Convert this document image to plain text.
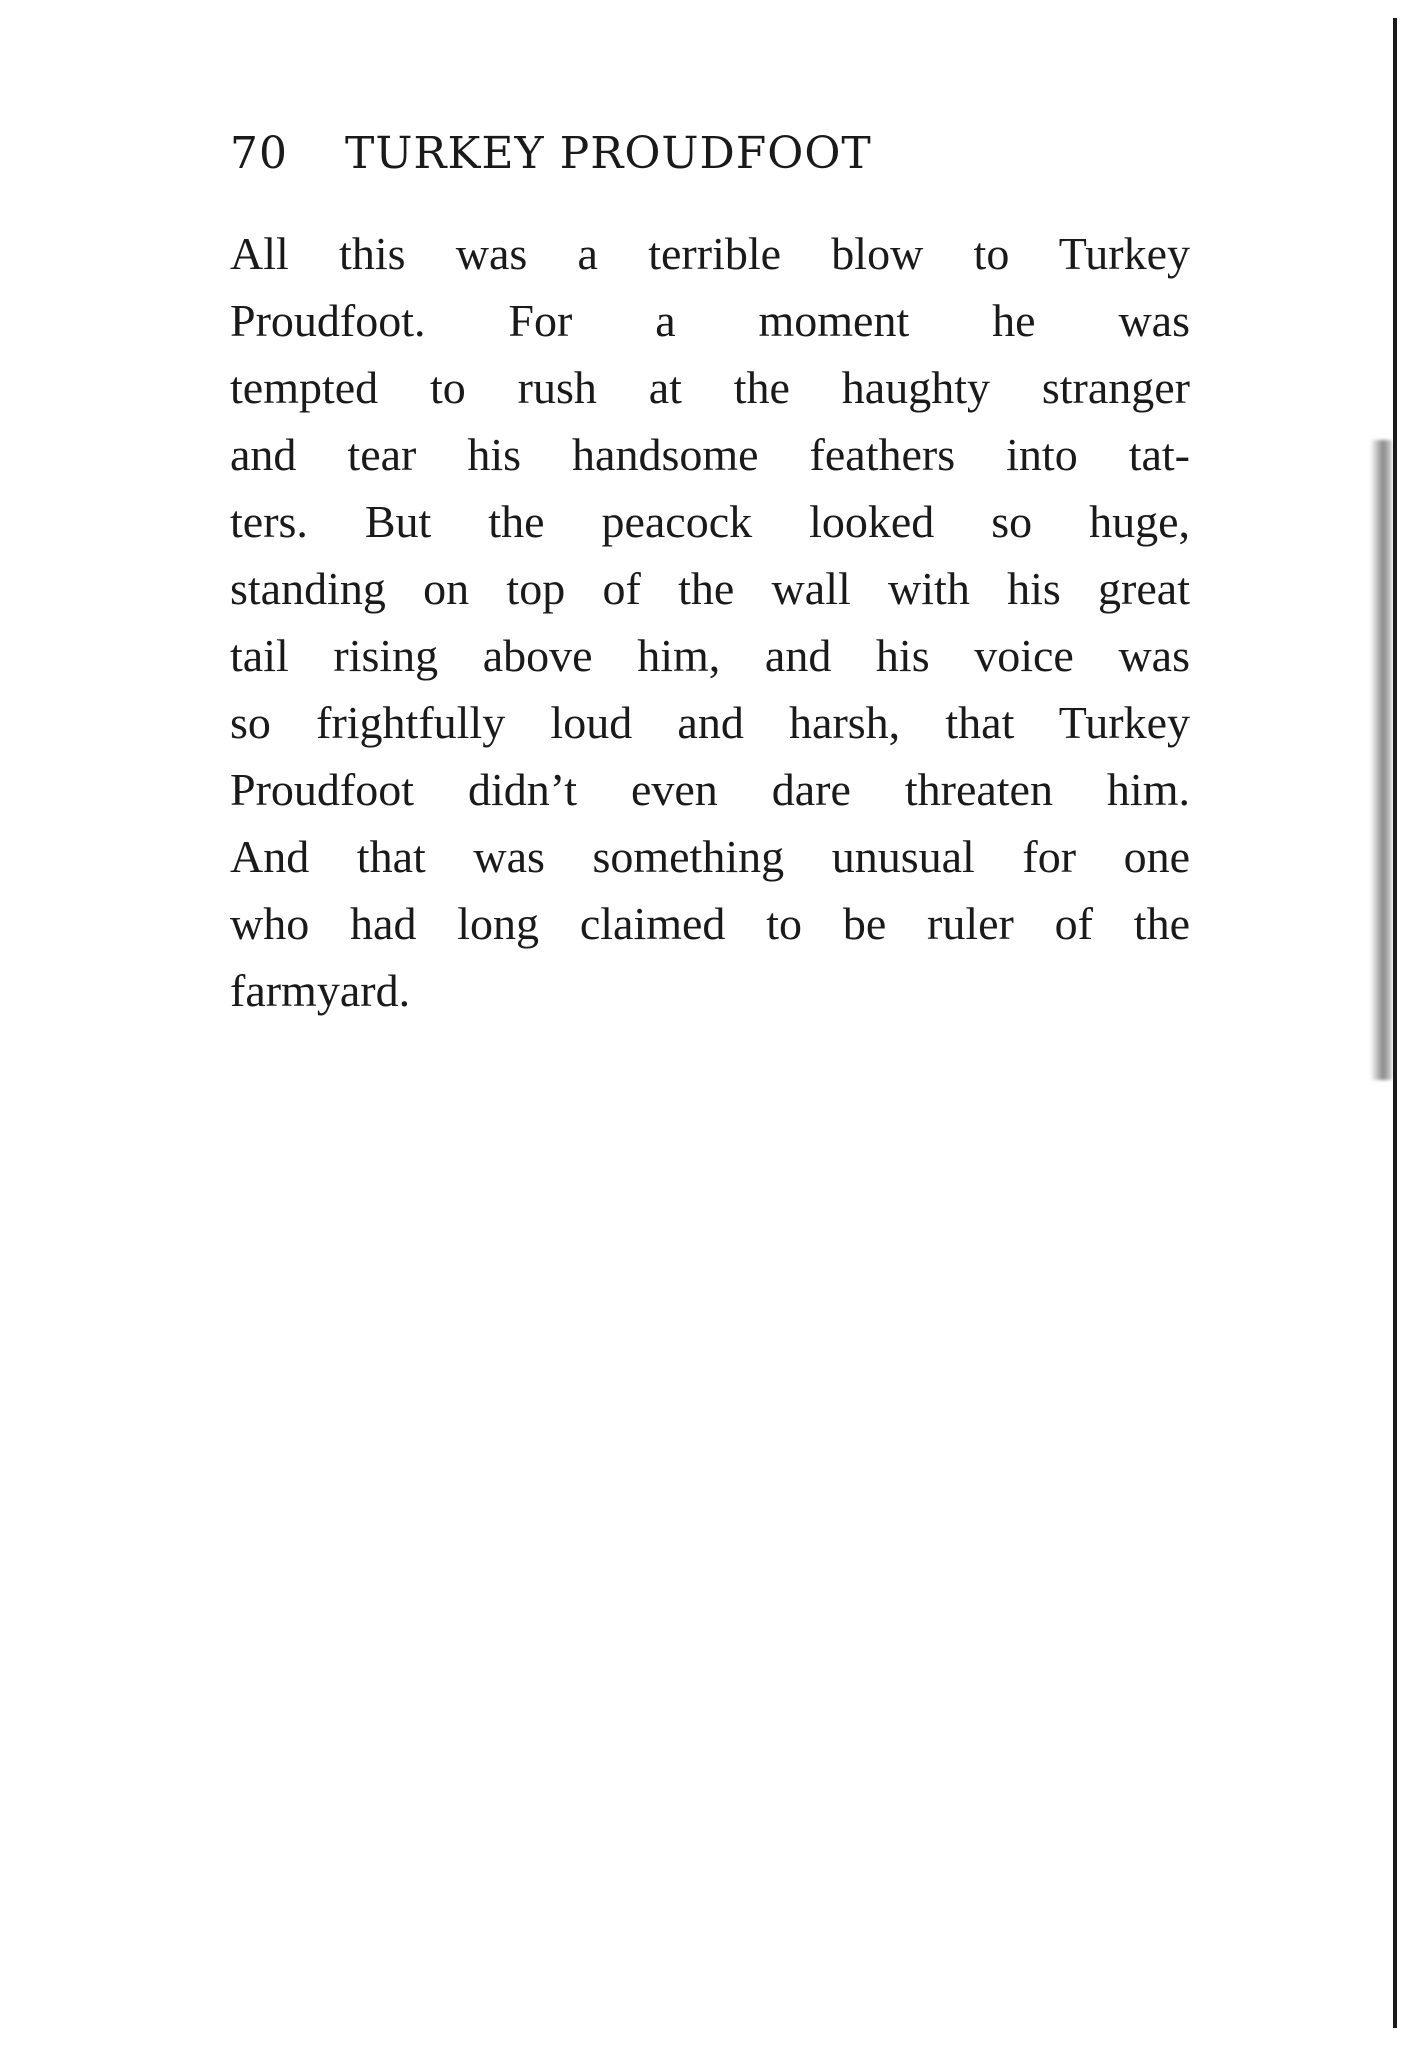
70 TURKEY PROUDFOOT
All this was a terrible blow to Turkey
Proudfoot. For a moment he was
tempted to rush at the haughty stranger
and tear his handsome feathers into tat-
ters. But the peacock looked so huge,
standing on top of the wall with his great
tail rising above him, and his voice was
so frightfully loud and harsh, that Turkey
Proudfoot didn’t even dare threaten him.
And that was something unusual for one
who had long claimed to be ruler of the
farmyard.
